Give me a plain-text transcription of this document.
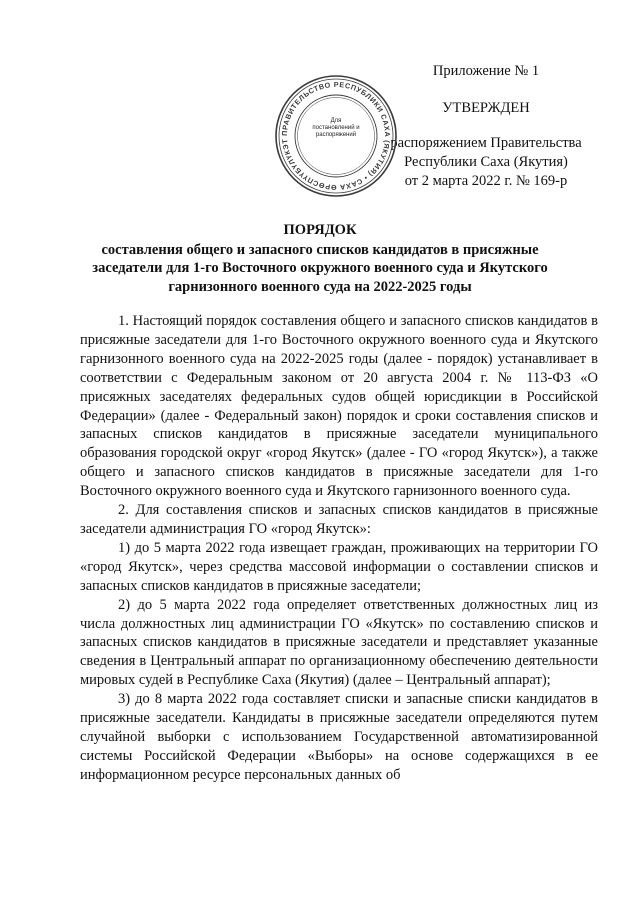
Приложение № 1
УТВЕРЖДЕН
распоряжением Правительства
Республики Саха (Якутия)
от 2 марта 2022 г. № 169-р
ПРАВИТЕЛЬСТВО РЕСПУБЛИКИ САХА (ЯКУТИЯ) • САХА ӨРӨСПҮҮБҮЛҮКЭТ
Для
постановлений и
распоряжений
ПОРЯДОК
составления общего и запасного списков кандидатов в присяжные
заседатели для 1-го Восточного окружного военного суда и Якутского
гарнизонного военного суда на 2022-2025 годы

1. Настоящий порядок составления общего и запасного списков кандидатов в присяжные заседатели для 1-го Восточного окружного военного суда и Якутского гарнизонного военного суда на 2022-2025 годы (далее - порядок) устанавливает в соответствии с Федеральным законом от 20 августа 2004 г. № 113-ФЗ «О присяжных заседателях федеральных судов общей юрисдикции в Российской Федерации» (далее - Федеральный закон) порядок и сроки составления списков и запасных списков кандидатов в присяжные заседатели муниципального образования городской округ «город Якутск» (далее - ГО «город Якутск»), а также общего и запасного списков кандидатов в присяжные заседатели для 1-го Восточного окружного военного суда и Якутского гарнизонного военного суда.

2. Для составления списков и запасных списков кандидатов в присяжные заседатели администрация ГО «город Якутск»:

1) до 5 марта 2022 года извещает граждан, проживающих на территории ГО «город Якутск», через средства массовой информации о составлении списков и запасных списков кандидатов в присяжные заседатели;

2) до 5 марта 2022 года определяет ответственных должностных лиц из числа должностных лиц администрации ГО «Якутск» по составлению списков и запасных списков кандидатов в присяжные заседатели и представляет указанные сведения в Центральный аппарат по организационному обеспечению деятельности мировых судей в Республике Саха (Якутия) (далее – Центральный аппарат);

3) до 8 марта 2022 года составляет списки и запасные списки кандидатов в присяжные заседатели. Кандидаты в присяжные заседатели определяются путем случайной выборки с использованием Государственной автоматизированной системы Российской Федерации «Выборы» на основе содержащихся в ее информационном ресурсе персональных данных об
